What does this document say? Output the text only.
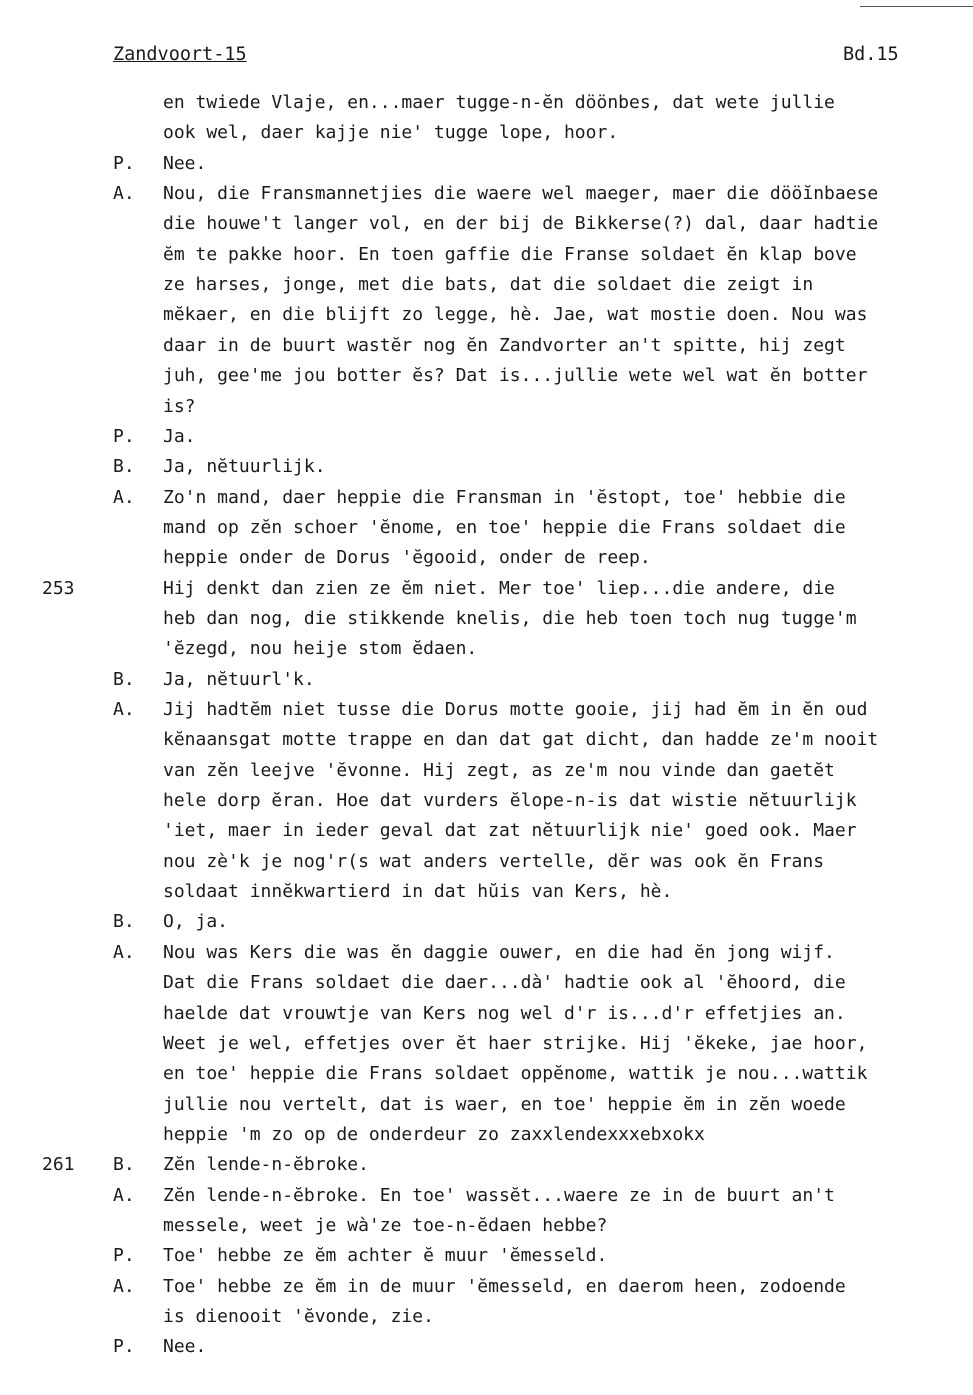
Zandvoort-15	Bd.15
en twiede Vlaje, en...maer tugge-n-ĕn döönbes, dat wete jullie
ook wel, daer kajje nie' tugge lope, hoor.
P.	Nee.
A.	Nou, die Fransmannetjies die waere wel maeger, maer die dööĭnbaese
die houwe't langer vol, en der bij de Bikkerse(?) dal, daar hadtie
ĕm te pakke hoor. En toen gaffie die Franse soldaet ĕn klap bove
ze harses, jonge, met die bats, dat die soldaet die zeigt in
mĕkaer, en die blijft zo legge, hè. Jae, wat mostie doen. Nou was
daar in de buurt wastĕr nog ĕn Zandvorter an't spitte, hij zegt
juh, gee'me jou botter ĕs? Dat is...jullie wete wel wat ĕn botter
is?
P.	Ja.
B.	Ja, nĕtuurlijk.
A.	Zo'n mand, daer heppie die Fransman in 'ĕstopt, toe' hebbie die
mand op zĕn schoer 'ĕnome, en toe' heppie die Frans soldaet die
heppie onder de Dorus 'ĕgooid, onder de reep.
253	Hij denkt dan zien ze ĕm niet. Mer toe' liep...die andere, die
heb dan nog, die stikkende knelis, die heb toen toch nug tugge'm
'ĕzegd, nou heije stom ĕdaen.
B.	Ja, nĕtuurl'k.
A.	Jij hadtĕm niet tusse die Dorus motte gooie, jij had ĕm in ĕn oud
kĕnaansgat motte trappe en dan dat gat dicht, dan hadde ze'm nooit
van zĕn leejve 'ĕvonne. Hij zegt, as ze'm nou vinde dan gaetĕt
hele dorp ĕran. Hoe dat vurders ĕlope-n-is dat wistie nĕtuurlijk
'iet, maer in ieder geval dat zat nĕtuurlijk nie' goed ook. Maer
nou zè'k je nog'r(s wat anders vertelle, dĕr was ook ĕn Frans
soldaat innĕkwartierd in dat hŭis van Kers, hè.
B.	O, ja.
A.	Nou was Kers die was ĕn daggie ouwer, en die had ĕn jong wijf.
Dat die Frans soldaet die daer...dà' hadtie ook al 'ĕhoord, die
haelde dat vrouwtje van Kers nog wel d'r is...d'r effetjies an.
Weet je wel, effetjes over ĕt haer strijke. Hij 'ĕkeke, jae hoor,
en toe' heppie die Frans soldaet oppĕnome, wattik je nou...wattik
jullie nou vertelt, dat is waer, en toe' heppie ĕm in zĕn woede
heppie 'm zo op de onderdeur zo zaxxlendexxxebxokx
261 B.	Zĕn lende-n-ĕbroke.
A.	Zĕn lende-n-ĕbroke. En toe' wassĕt...waere ze in de buurt an't
messele, weet je wà'ze toe-n-ĕdaen hebbe?
P.	Toe' hebbe ze ĕm achter ĕ muur 'ĕmesseld.
A.	Toe' hebbe ze ĕm in de muur 'ĕmesseld, en daerom heen, zodoende
is dienooit 'ĕvonde, zie.
P.	Nee.
